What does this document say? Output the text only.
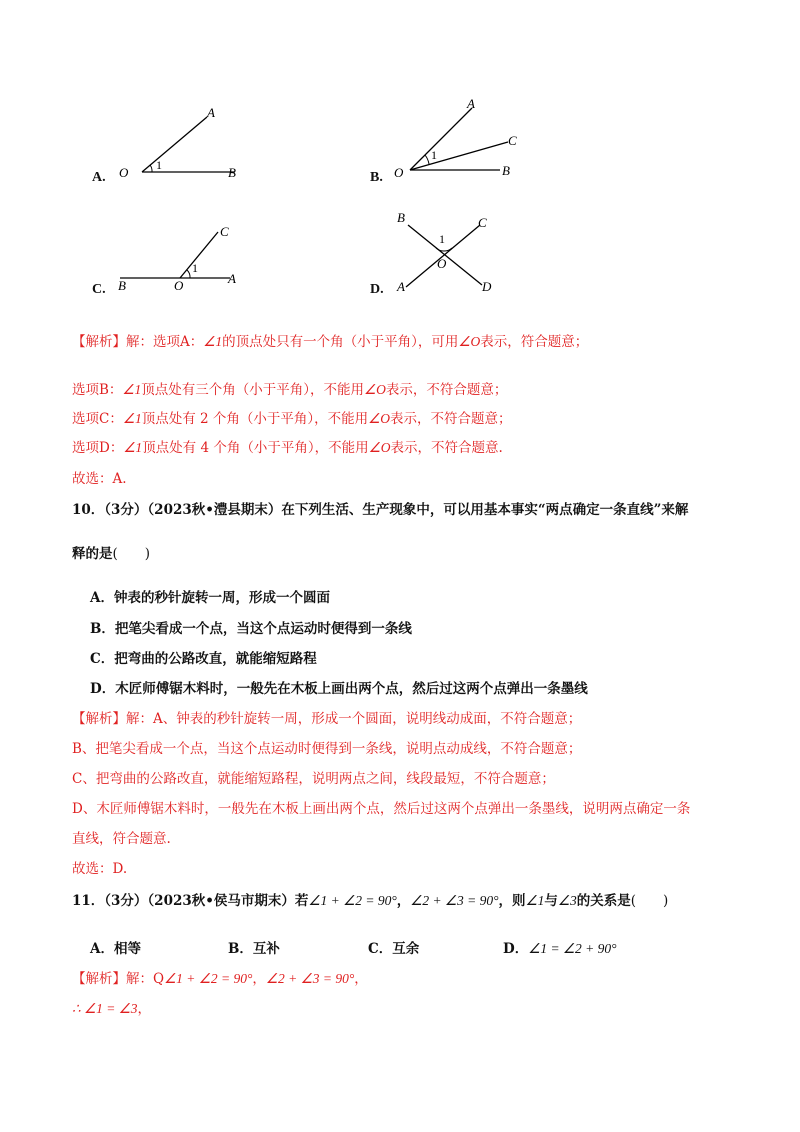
A.
A
O	B
1
B.
A
C
O	B
1
C. B	O	A
C
1
D.
B	C
O
A	D
1
【解析】解：选项A：∠1的顶点处只有一个角（小于平角），可用∠O表示，符合题意；
选项B：∠1顶点处有三个角（小于平角），不能用∠O表示，不符合题意；
选项C：∠1顶点处有 2 个角（小于平角），不能用∠O表示，不符合题意；
选项D：∠1顶点处有 4 个角（小于平角），不能用∠O表示，不符合题意.
故选：A.
10．（3分）（2023秋•澧县期末）在下列生活、生产现象中，可以用基本事实“两点确定一条直线”来解
释的是(　　)
A．钟表的秒针旋转一周，形成一个圆面
B．把笔尖看成一个点，当这个点运动时便得到一条线
C．把弯曲的公路改直，就能缩短路程
D．木匠师傅锯木料时，一般先在木板上画出两个点，然后过这两个点弹出一条墨线
【解析】解：A、钟表的秒针旋转一周，形成一个圆面，说明线动成面，不符合题意；
B、把笔尖看成一个点，当这个点运动时便得到一条线，说明点动成线，不符合题意；
C、把弯曲的公路改直，就能缩短路程，说明两点之间，线段最短，不符合题意；
D、木匠师傅锯木料时，一般先在木板上画出两个点，然后过这两个点弹出一条墨线，说明两点确定一条
直线，符合题意.
故选：D.
11．（3分）（2023秋•侯马市期末）若∠1 + ∠2 = 90°，∠2 + ∠3 = 90°，则∠1与∠3的关系是(　　)
A．相等	B．互补	C．互余	D．∠1 = ∠2 + 90°
【解析】解：Q∠1 + ∠2 = 90°，∠2 + ∠3 = 90°，
∴ ∠1 = ∠3，
